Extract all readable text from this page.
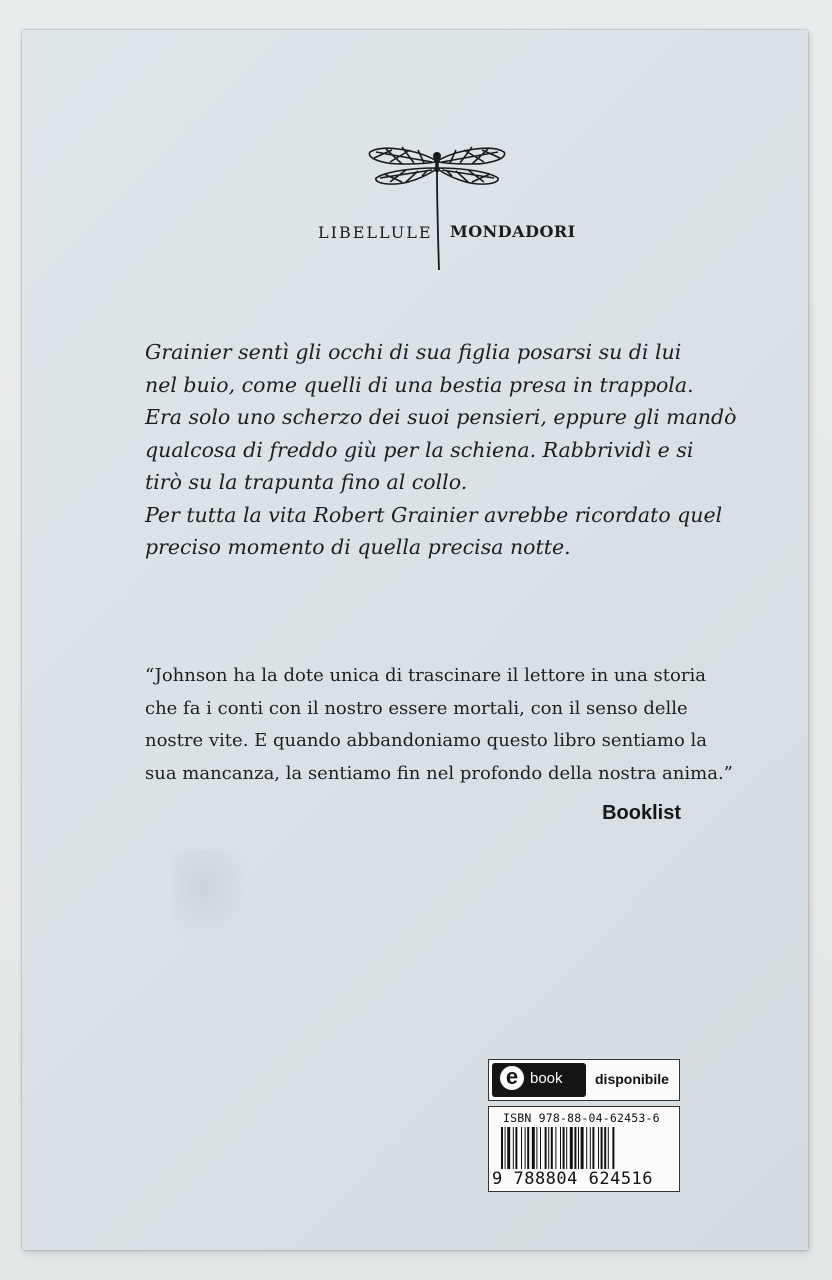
LIBELLULE MONDADORI
Grainier sentì gli occhi di sua figlia posarsi su di lui
nel buio, come quelli di una bestia presa in trappola.
Era solo uno scherzo dei suoi pensieri, eppure gli mandò
qualcosa di freddo giù per la schiena. Rabbrividì e si
tirò su la trapunta fino al collo.
Per tutta la vita Robert Grainier avrebbe ricordato quel
preciso momento di quella precisa notte.
“Johnson ha la dote unica di trascinare il lettore in una storia
che fa i conti con il nostro essere mortali, con il senso delle
nostre vite. E quando abbandoniamo questo libro sentiamo la
sua mancanza, la sentiamo fin nel profondo della nostra anima.”
Booklist
e book disponibile
ISBN 978-88-04-62453-6
9 788804 624516
